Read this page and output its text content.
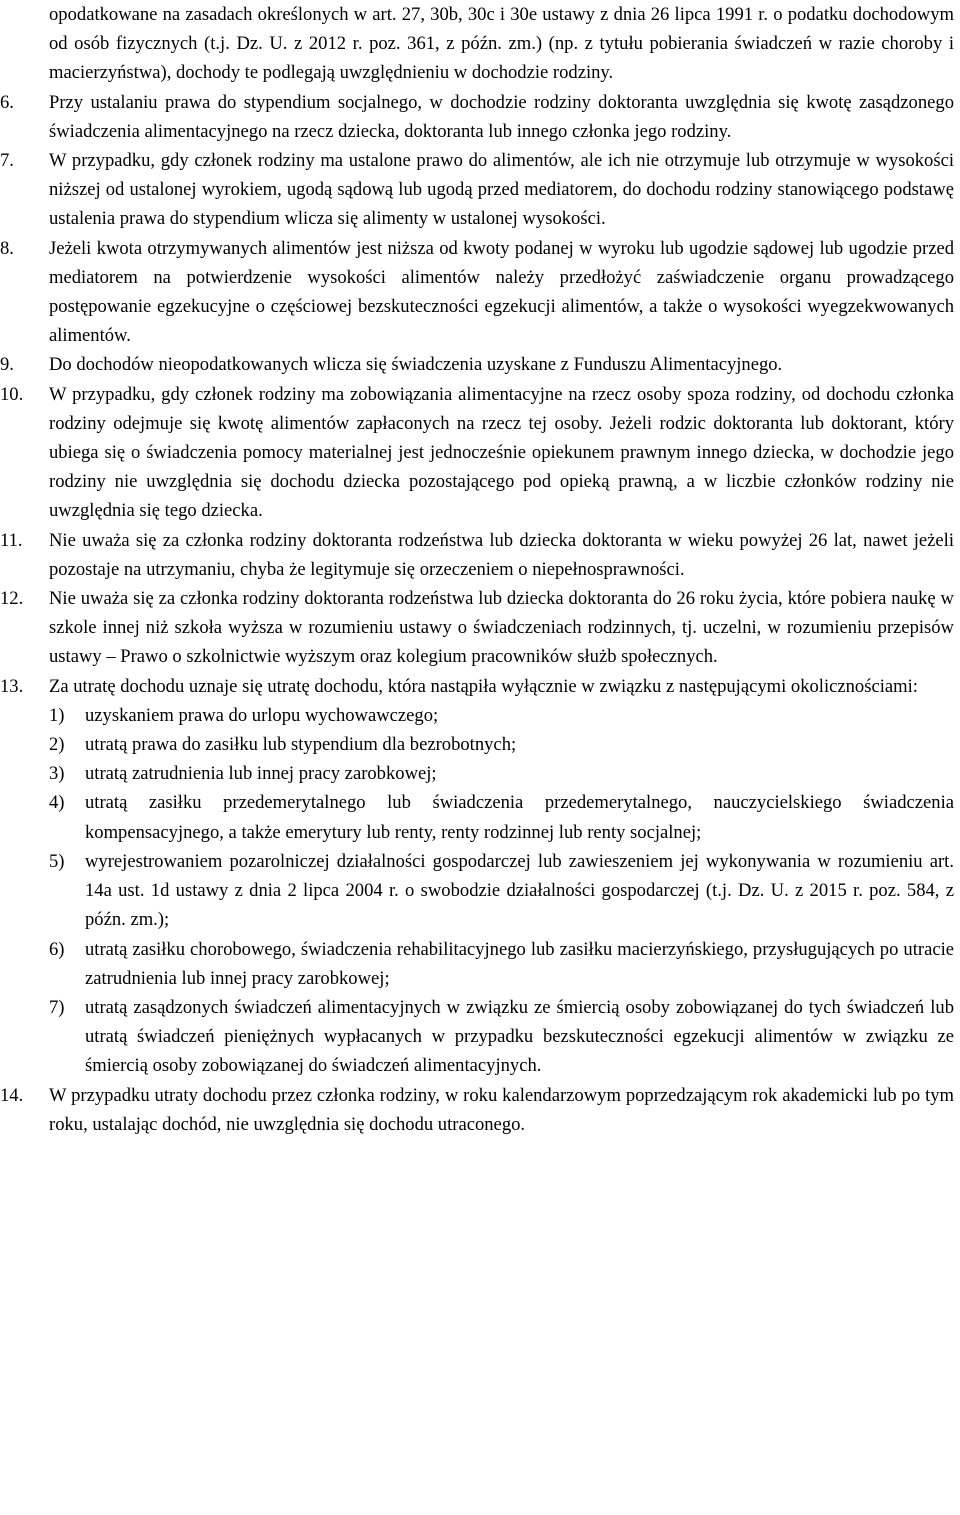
opodatkowane na zasadach określonych w art. 27, 30b, 30c i 30e ustawy z dnia 26 lipca 1991 r. o podatku dochodowym od osób fizycznych (t.j. Dz. U. z 2012 r. poz. 361, z późn. zm.) (np. z tytułu pobierania świadczeń w razie choroby i macierzyństwa), dochody te podlegają uwzględnieniu w dochodzie rodziny.

6.	Przy ustalaniu prawa do stypendium socjalnego, w dochodzie rodziny doktoranta uwzględnia się kwotę zasądzonego świadczenia alimentacyjnego na rzecz dziecka, doktoranta lub innego członka jego rodziny.
7.	W przypadku, gdy członek rodziny ma ustalone prawo do alimentów, ale ich nie otrzymuje lub otrzymuje w wysokości niższej od ustalonej wyrokiem, ugodą sądową lub ugodą przed mediatorem, do dochodu rodziny stanowiącego podstawę ustalenia prawa do stypendium wlicza się alimenty w ustalonej wysokości.
8.	Jeżeli kwota otrzymywanych alimentów jest niższa od kwoty podanej w wyroku lub ugodzie sądowej lub ugodzie przed mediatorem na potwierdzenie wysokości alimentów należy przedłożyć zaświadczenie organu prowadzącego postępowanie egzekucyjne o częściowej bezskuteczności egzekucji alimentów, a także o wysokości wyegzekwowanych alimentów.
9.	Do dochodów nieopodatkowanych wlicza się świadczenia uzyskane z Funduszu Alimentacyjnego.
10.	W przypadku, gdy członek rodziny ma zobowiązania alimentacyjne na rzecz osoby spoza rodziny, od dochodu członka rodziny odejmuje się kwotę alimentów zapłaconych na rzecz tej osoby. Jeżeli rodzic doktoranta lub doktorant, który ubiega się o świadczenia pomocy materialnej jest jednocześnie opiekunem prawnym innego dziecka, w dochodzie jego rodziny nie uwzględnia się dochodu dziecka pozostającego pod opieką prawną, a w liczbie członków rodziny nie uwzględnia się tego dziecka.
11.	Nie uważa się za członka rodziny doktoranta rodzeństwa lub dziecka doktoranta w wieku powyżej 26 lat, nawet jeżeli pozostaje na utrzymaniu, chyba że legitymuje się orzeczeniem o niepełnosprawności.
12.	Nie uważa się za członka rodziny doktoranta rodzeństwa lub dziecka doktoranta do 26 roku życia, które pobiera naukę w szkole innej niż szkoła wyższa w rozumieniu ustawy o świadczeniach rodzinnych, tj. uczelni, w rozumieniu przepisów ustawy – Prawo o szkolnictwie wyższym oraz kolegium pracowników służb społecznych.
13.	Za utratę dochodu uznaje się utratę dochodu, która nastąpiła wyłącznie w związku z następującymi okolicznościami:
1)	uzyskaniem prawa do urlopu wychowawczego;
2)	utratą prawa do zasiłku lub stypendium dla bezrobotnych;
3)	utratą zatrudnienia lub innej pracy zarobkowej;
4)	utratą zasiłku przedemerytalnego lub świadczenia przedemerytalnego, nauczycielskiego świadczenia kompensacyjnego, a także emerytury lub renty, renty rodzinnej lub renty socjalnej;
5)	wyrejestrowaniem pozarolniczej działalności gospodarczej lub zawieszeniem jej wykonywania w rozumieniu art. 14a ust. 1d ustawy z dnia 2 lipca 2004 r. o swobodzie działalności gospodarczej (t.j. Dz. U. z 2015 r. poz. 584, z późn. zm.);
6)	utratą zasiłku chorobowego, świadczenia rehabilitacyjnego lub zasiłku macierzyńskiego, przysługujących po utracie zatrudnienia lub innej pracy zarobkowej;
7)	utratą zasądzonych świadczeń alimentacyjnych w związku ze śmiercią osoby zobowiązanej do tych świadczeń lub utratą świadczeń pieniężnych wypłacanych w przypadku bezskuteczności egzekucji alimentów w związku ze śmiercią osoby zobowiązanej do świadczeń alimentacyjnych.
14.	W przypadku utraty dochodu przez członka rodziny, w roku kalendarzowym poprzedzającym rok akademicki lub po tym roku, ustalając dochód, nie uwzględnia się dochodu utraconego.
